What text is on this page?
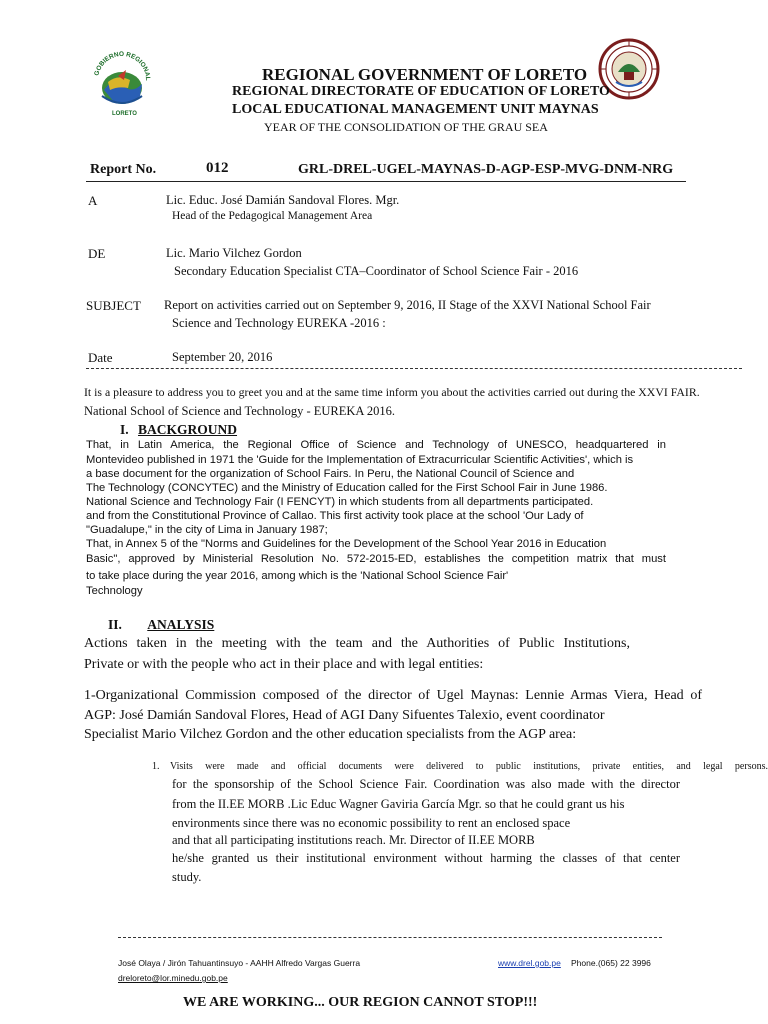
GOBIERNO REGIONAL
LORETO
REGIONAL GOVERNMENT OF LORETO
REGIONAL DIRECTORATE OF EDUCATION OF LORETO
LOCAL EDUCATIONAL MANAGEMENT UNIT MAYNAS
YEAR OF THE CONSOLIDATION OF THE GRAU SEA
Report No.	012	GRL-DREL-UGEL-MAYNAS-D-AGP-ESP-MVG-DNM-NRG
A	Lic. Educ. José Damián Sandoval Flores. Mgr.
Head of the Pedagogical Management Area
DE	Lic. Mario Vilchez Gordon
Secondary Education Specialist CTA–Coordinator of School Science Fair - 2016
SUBJECT Report on activities carried out on September 9, 2016, II Stage of the XXVI National School Fair
Science and Technology EUREKA -2016 :
Date	September 20, 2016
It is a pleasure to address you to greet you and at the same time inform you about the activities carried out during the XXVI FAIR.
National School of Science and Technology - EUREKA 2016.
I. BACKGROUND
That, in Latin America, the Regional Office of Science and Technology of UNESCO, headquartered in
Montevideo published in 1971 the 'Guide for the Implementation of Extracurricular Scientific Activities', which is
a base document for the organization of School Fairs. In Peru, the National Council of Science and
The Technology (CONCYTEC) and the Ministry of Education called for the First School Fair in June 1986.
National Science and Technology Fair (I FENCYT) in which students from all departments participated.
and from the Constitutional Province of Callao. This first activity took place at the school 'Our Lady of
"Guadalupe," in the city of Lima in January 1987;
That, in Annex 5 of the "Norms and Guidelines for the Development of the School Year 2016 in Education
Basic", approved by Ministerial Resolution No. 572-2015-ED, establishes the competition matrix that must
to take place during the year 2016, among which is the 'National School Science Fair'
Technology
II. ANALYSIS
Actions taken in the meeting with the team and the Authorities of Public Institutions,
Private or with the people who act in their place and with legal entities:
1-Organizational Commission composed of the director of Ugel Maynas: Lennie Armas Viera, Head of
AGP: José Damián Sandoval Flores, Head of AGI Dany Sifuentes Talexio, event coordinator
Specialist Mario Vilchez Gordon and the other education specialists from the AGP area:
1. Visits were made and official documents were delivered to public institutions, private entities, and legal persons.
for the sponsorship of the School Science Fair. Coordination was also made with the director
from the II.EE MORB .Lic Educ Wagner Gaviria García Mgr. so that he could grant us his
environments since there was no economic possibility to rent an enclosed space
and that all participating institutions reach. Mr. Director of II.EE MORB
he/she granted us their institutional environment without harming the classes of that center
study.
José Olaya / Jirón Tahuantinsuyo - AAHH Alfredo Vargas Guerra
dreloreto@lor.minedu.gob.pe
www.drel.gob.pe Phone.(065) 22 3996
WE ARE WORKING... OUR REGION CANNOT STOP!!!
